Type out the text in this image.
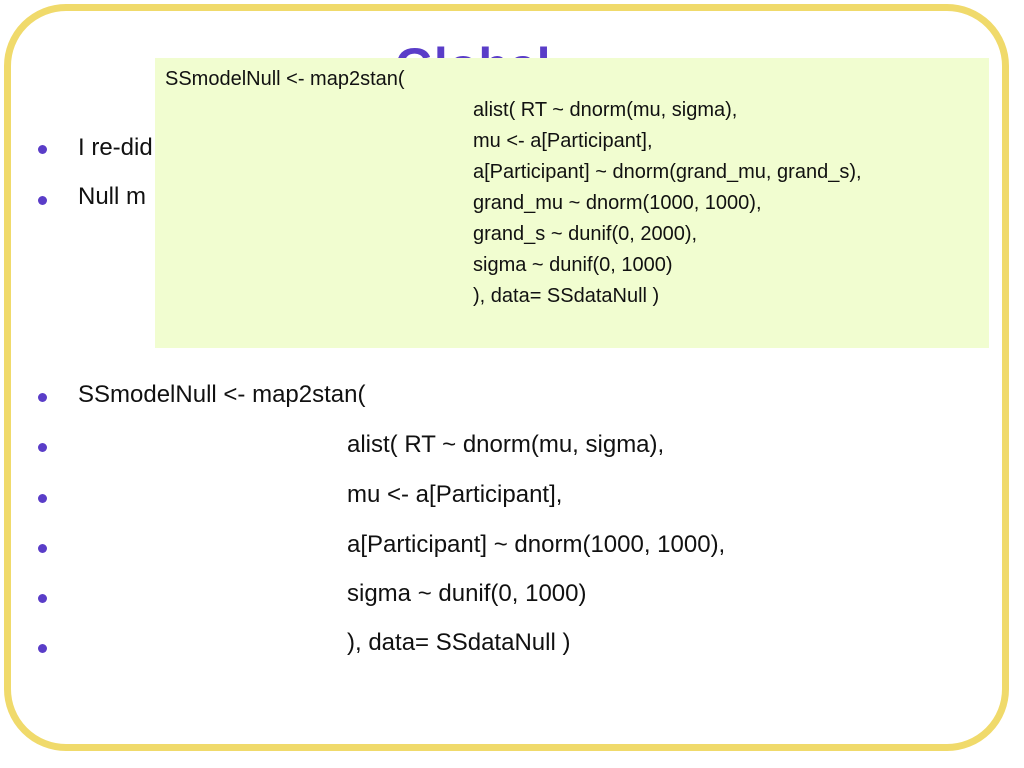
I re-did
Null m
SSmodelNull <- map2stan(
alist( RT ~ dnorm(mu, sigma),
mu <- a[Participant],
a[Participant] ~ dnorm(1000, 1000),
sigma ~ dunif(0, 1000)
), data= SSdataNull )
SSmodelNull <- map2stan(
alist( RT ~ dnorm(mu, sigma),
mu <- a[Participant],
a[Participant] ~ dnorm(grand_mu, grand_s),
grand_mu ~ dnorm(1000, 1000),
grand_s ~ dunif(0, 2000),
sigma ~ dunif(0, 1000)
), data= SSdataNull )
